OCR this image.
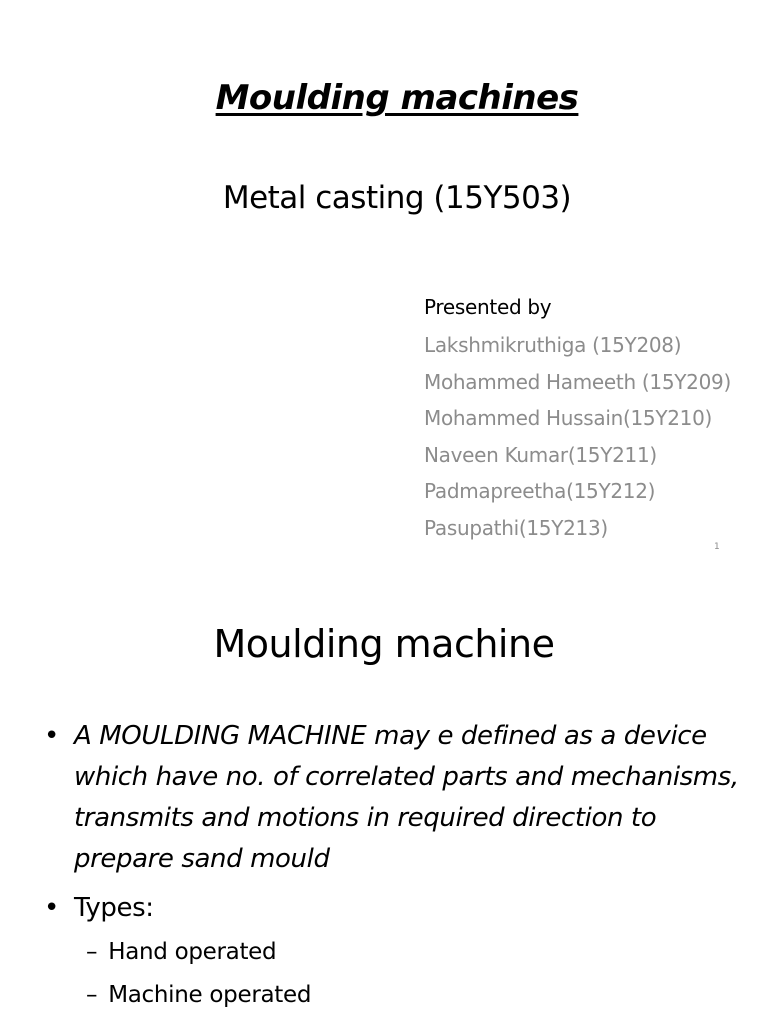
Moulding machines
Metal casting (15Y503)
Presented by
Lakshmikruthiga (15Y208)
Mohammed Hameeth (15Y209)
Mohammed Hussain(15Y210)
Naveen Kumar(15Y211)
Padmapreetha(15Y212)
Pasupathi(15Y213)
1
Moulding machine
• A MOULDING MACHINE may e defined as a device which have no. of correlated parts and mechanisms, transmits and motions in required direction to prepare sand mould
• Types:
– Hand operated
– Machine operated
